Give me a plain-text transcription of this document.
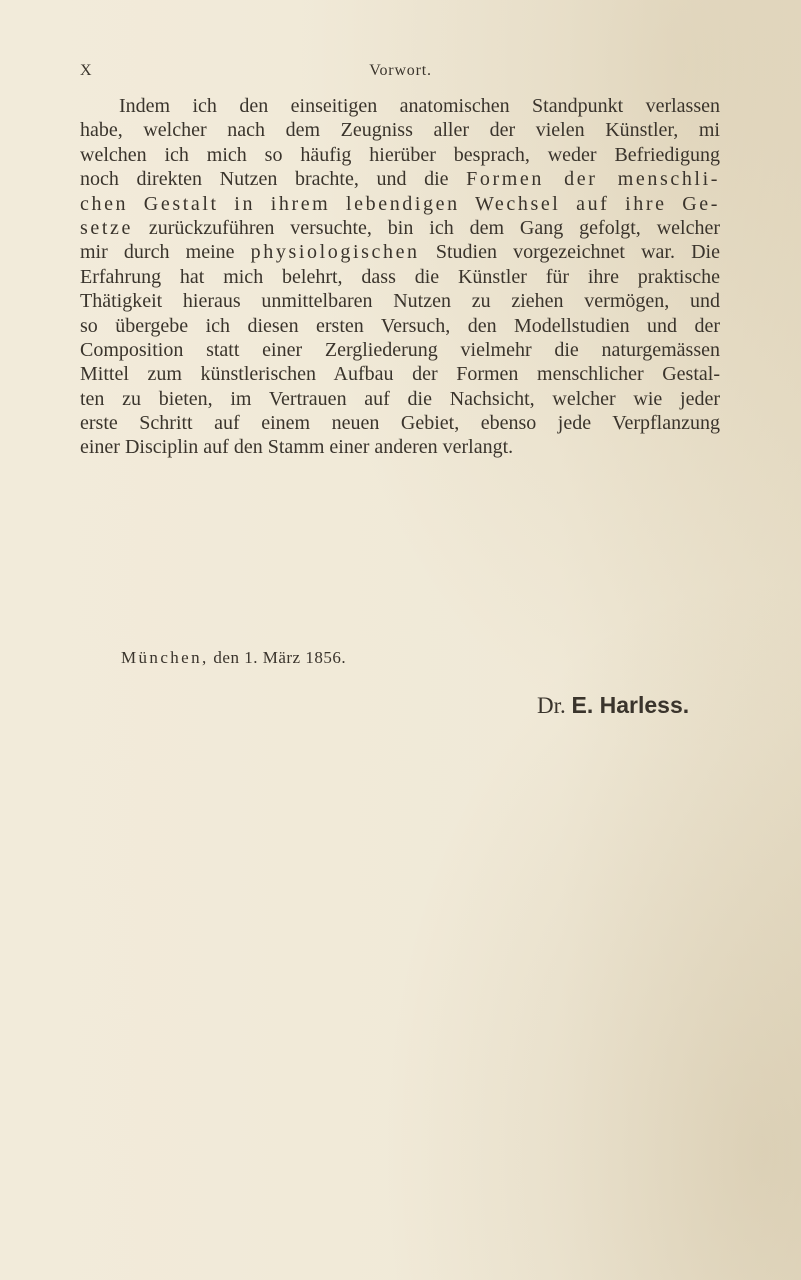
X	Vorwort.
Indem ich den einseitigen anatomischen Standpunkt verlassen
habe, welcher nach dem Zeugniss aller der vielen Künstler, mi
welchen ich mich so häufig hierüber besprach, weder Befriedigung
noch direkten Nutzen brachte, und die Formen der menschli-
chen Gestalt in ihrem lebendigen Wechsel auf ihre Ge-
setze zurückzuführen versuchte, bin ich dem Gang gefolgt, welcher
mir durch meine physiologischen Studien vorgezeichnet war. Die
Erfahrung hat mich belehrt, dass die Künstler für ihre praktische
Thätigkeit hieraus unmittelbaren Nutzen zu ziehen vermögen, und
so übergebe ich diesen ersten Versuch, den Modellstudien und der
Composition statt einer Zergliederung vielmehr die naturgemässen
Mittel zum künstlerischen Aufbau der Formen menschlicher Gestal-
ten zu bieten, im Vertrauen auf die Nachsicht, welcher wie jeder
erste Schritt auf einem neuen Gebiet, ebenso jede Verpflanzung
einer Disciplin auf den Stamm einer anderen verlangt.
München, den 1. März 1856.
Dr. E. Harless.
